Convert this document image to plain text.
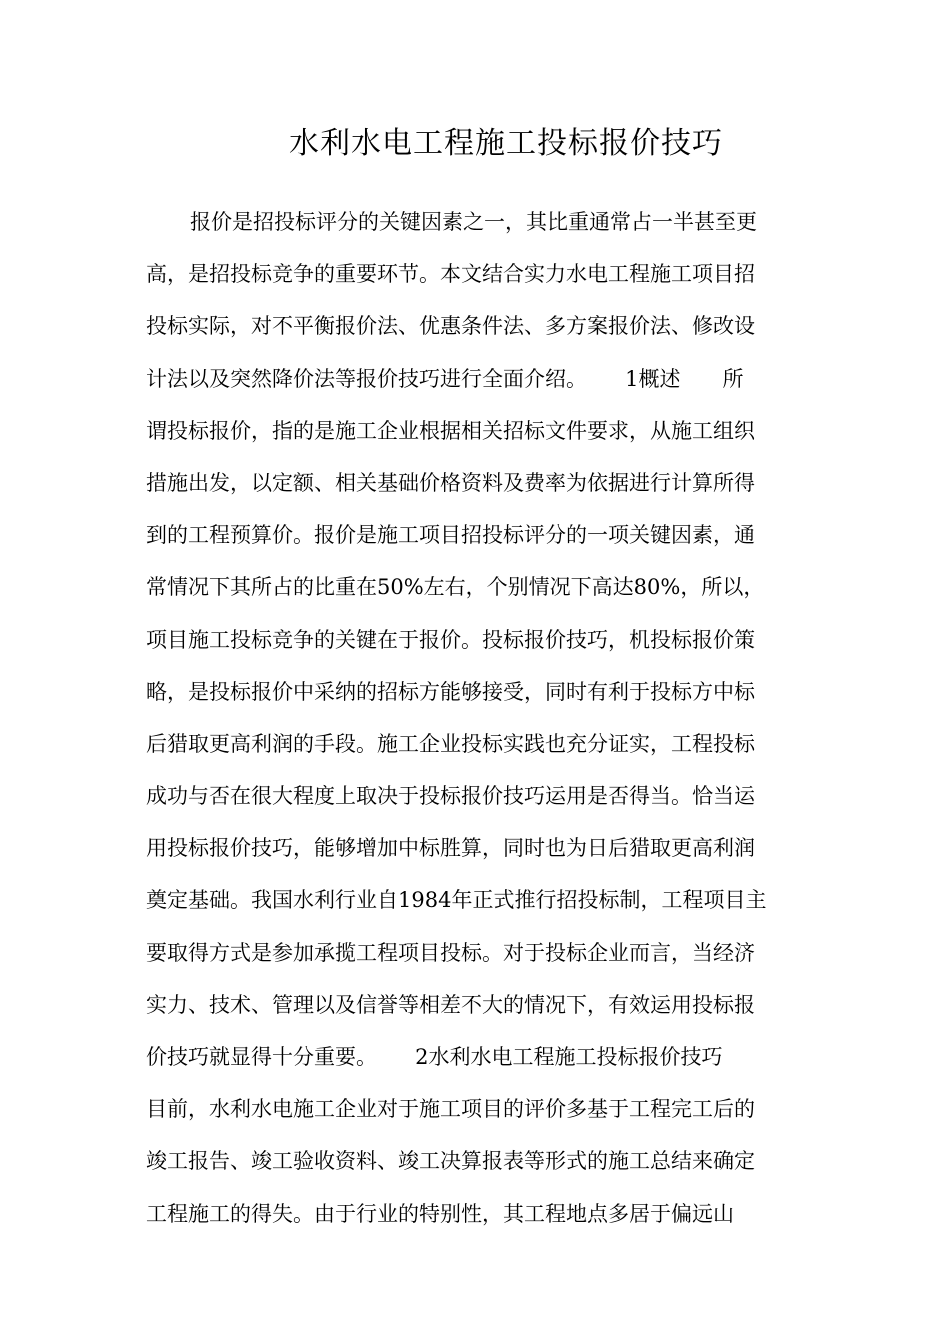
水利水电工程施工投标报价技巧
报价是招投标评分的关键因素之一，其比重通常占一半甚至更
高，是招投标竞争的重要环节。本文结合实力水电工程施工项目招
投标实际，对不平衡报价法、优惠条件法、多方案报价法、修改设
计法以及突然降价法等报价技巧进行全面介绍。　　 1概述　　所
谓投标报价，指的是施工企业根据相关招标文件要求，从施工组织
措施出发，以定额、相关基础价格资料及费率为依据进行计算所得
到的工程预算价。报价是施工项目招投标评分的一项关键因素，通
常情况下其所占的比重在50%左右，个别情况下高达80%，所以，
项目施工投标竞争的关键在于报价。投标报价技巧，机投标报价策
略，是投标报价中采纳的招标方能够接受，同时有利于投标方中标
后猎取更高利润的手段。施工企业投标实践也充分证实，工程投标
成功与否在很大程度上取决于投标报价技巧运用是否得当。恰当运
用投标报价技巧，能够增加中标胜算，同时也为日后猎取更高利润
奠定基础。我国水利行业自1984年正式推行招投标制，工程项目主
要取得方式是参加承揽工程项目投标。对于投标企业而言，当经济
实力、技术、管理以及信誉等相差不大的情况下，有效运用投标报
价技巧就显得十分重要。　　 2水利水电工程施工投标报价技巧
目前，水利水电施工企业对于施工项目的评价多基于工程完工后的
竣工报告、竣工验收资料、竣工决算报表等形式的施工总结来确定
工程施工的得失。由于行业的特别性，其工程地点多居于偏远山
